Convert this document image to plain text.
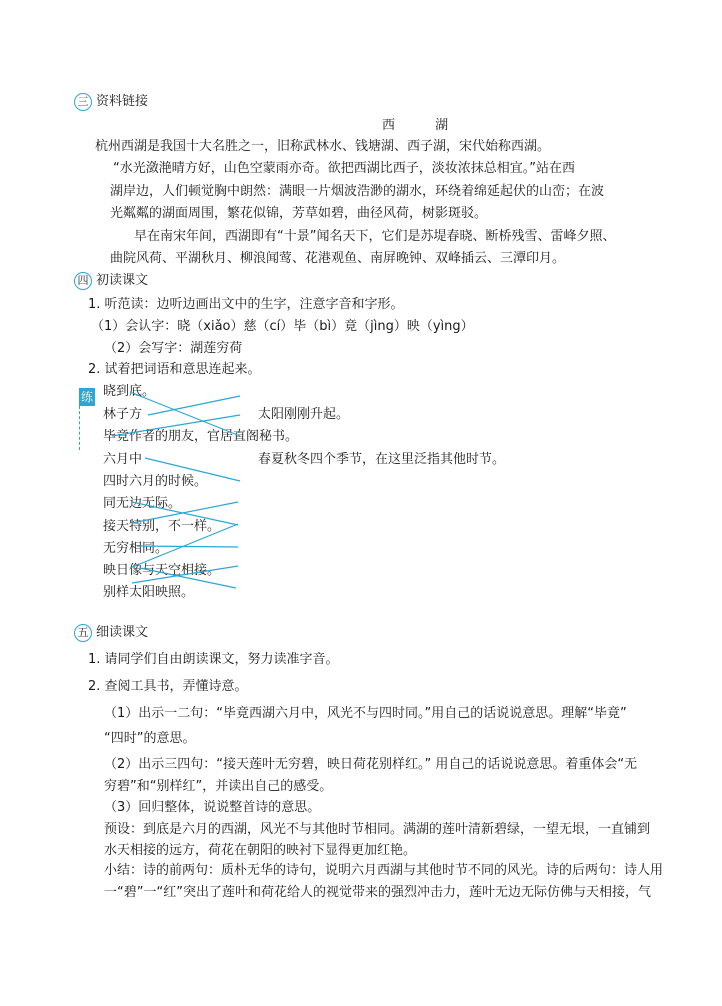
三 资料链接
西 湖
杭州西湖是我国十大名胜之一，旧称武林水、钱塘湖、西子湖，宋代始称西湖。
“水光潋滟晴方好，山色空蒙雨亦奇。欲把西湖比西子，淡妆浓抹总相宜。”站在西
湖岸边，人们顿觉胸中朗然：满眼一片烟波浩渺的湖水，环绕着绵延起伏的山峦；在波
光粼粼的湖面周围，繁花似锦，芳草如碧，曲径风荷，树影斑驳。
早在南宋年间，西湖即有“十景”闻名天下，它们是苏堤春晓、断桥残雪、雷峰夕照、
曲院风荷、平湖秋月、柳浪闻莺、花港观鱼、南屏晚钟、双峰插云、三潭印月。
四 初读课文
1. 听范读：边听边画出文中的生字，注意字音和字形。
（1）会认字：晓（xiǎo）慈（cí）毕（bì）竟（jìng）映（yìng）
（2）会写字：湖莲穷荷
2. 试着把词语和意思连起来。
练 晓到底。
林子方
毕竟作者的朋友，官居直阁秘书。
六月中
四时六月的时候。
同无边无际。
接天特别，不一样。
无穷相同。
映日像与天空相接。
别样太阳映照。
太阳刚刚升起。
春夏秋冬四个季节，在这里泛指其他时节。
五 细读课文
1. 请同学们自由朗读课文，努力读准字音。
2. 查阅工具书，弄懂诗意。
（1）出示一二句：“毕竟西湖六月中，风光不与四时同。”用自己的话说说意思。理解“毕竟”
“四时”的意思。
（2）出示三四句：“接天莲叶无穷碧，映日荷花别样红。” 用自己的话说说意思。着重体会“无
穷碧”和“别样红”，并读出自己的感受。
（3）回归整体，说说整首诗的意思。
预设：到底是六月的西湖，风光不与其他时节相同。满湖的莲叶清新碧绿，一望无垠，一直铺到
水天相接的远方，荷花在朝阳的映衬下显得更加红艳。
小结：诗的前两句：质朴无华的诗句，说明六月西湖与其他时节不同的风光。诗的后两句：诗人用
一“碧”一“红”突出了莲叶和荷花给人的视觉带来的强烈冲击力，莲叶无边无际仿佛与天相接，气
